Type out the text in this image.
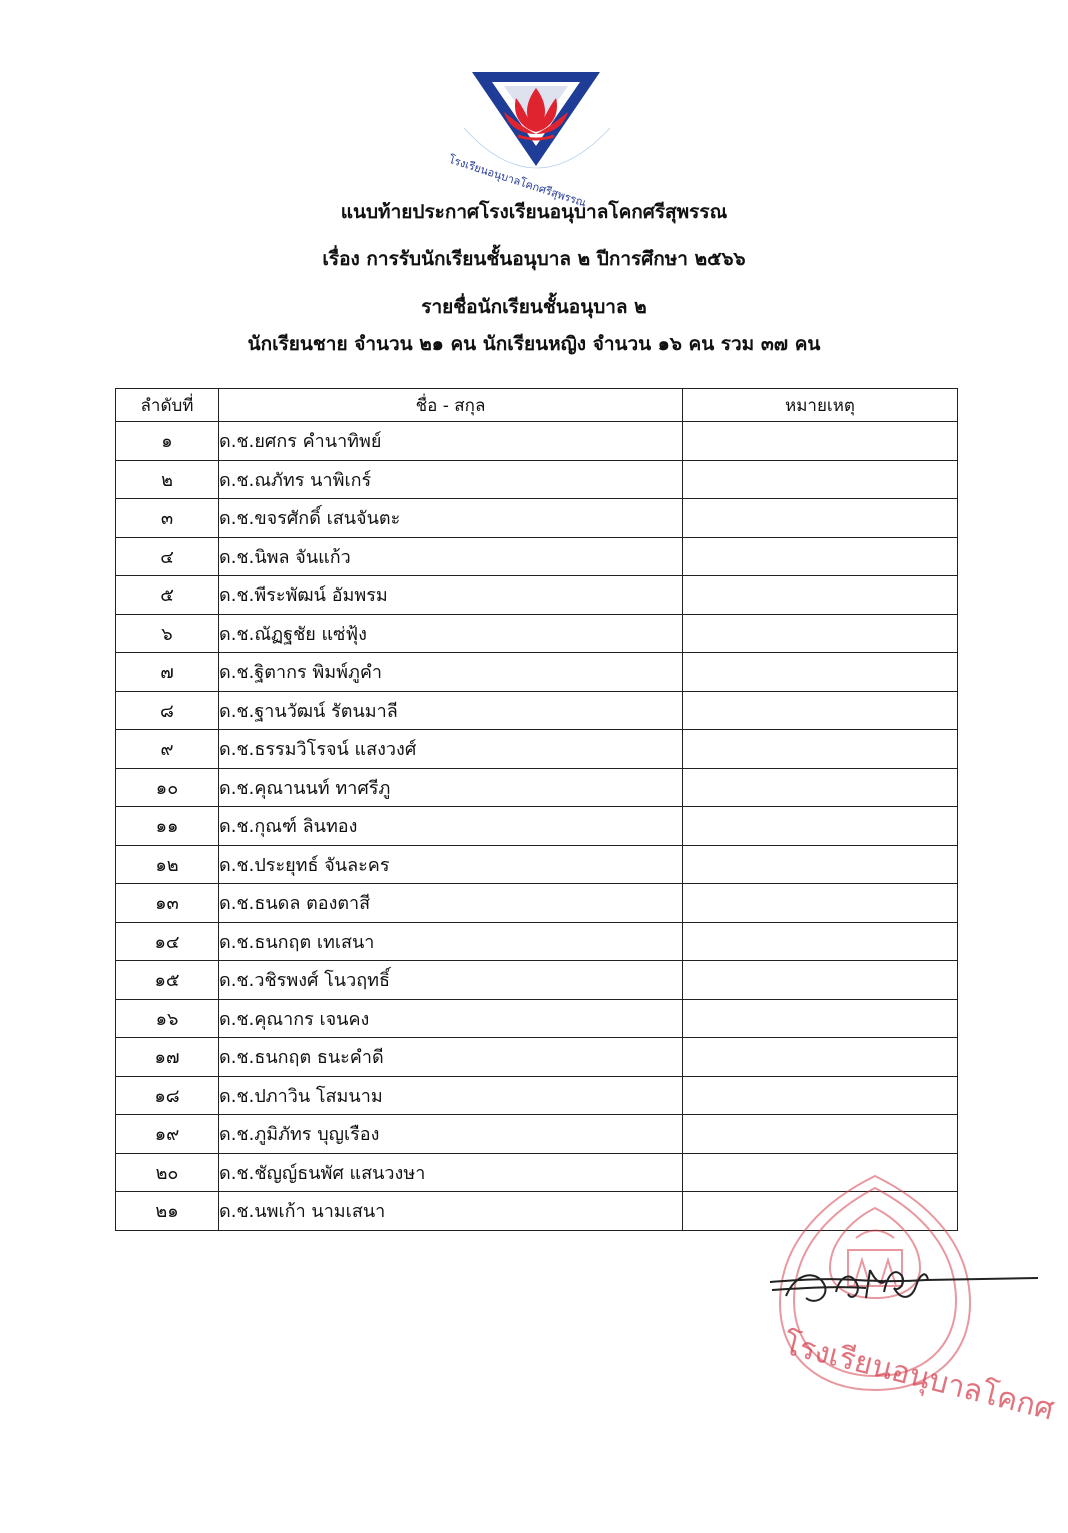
โรงเรียนอนุบาลโคกศรีสุพรรณ
แนบท้ายประกาศโรงเรียนอนุบาลโคกศรีสุพรรณ
เรื่อง การรับนักเรียนชั้นอนุบาล ๒ ปีการศึกษา ๒๕๖๖
รายชื่อนักเรียนชั้นอนุบาล ๒
นักเรียนชาย จำนวน ๒๑ คน นักเรียนหญิง จำนวน ๑๖ คน รวม ๓๗ คน
ลำดับที่	ชื่อ - สกุล	หมายเหตุ
๑	ด.ช.ยศกร คำนาทิพย์	
๒	ด.ช.ณภัทร นาพิเกร์	
๓	ด.ช.ขจรศักดิ์ เสนจันตะ	
๔	ด.ช.นิพล จันแก้ว	
๕	ด.ช.พีระพัฒน์ อัมพรม	
๖	ด.ช.ณัฏฐชัย แซ่ฟุ้ง	
๗	ด.ช.ฐิตากร พิมพ์ภูคำ	
๘	ด.ช.ฐานวัฒน์ รัตนมาลี	
๙	ด.ช.ธรรมวิโรจน์ แสงวงศ์	
๑๐	ด.ช.คุณานนท์ ทาศรีภู	
๑๑	ด.ช.กุณฑ์ ลินทอง	
๑๒	ด.ช.ประยุทธ์ จันละคร	
๑๓	ด.ช.ธนดล ตองตาสี	
๑๔	ด.ช.ธนกฤต เทเสนา	
๑๕	ด.ช.วชิรพงศ์ โนวฤทธิ์	
๑๖	ด.ช.คุณากร เจนคง	
๑๗	ด.ช.ธนกฤต ธนะคำดี	
๑๘	ด.ช.ปภาวิน โสมนาม	
๑๙	ด.ช.ภูมิภัทร บุญเรือง	
๒๐	ด.ช.ชัญญ์ธนพัศ แสนวงษา	
๒๑	ด.ช.นพเก้า นามเสนา	
โรงเรียนอนุบาลโคกศ
